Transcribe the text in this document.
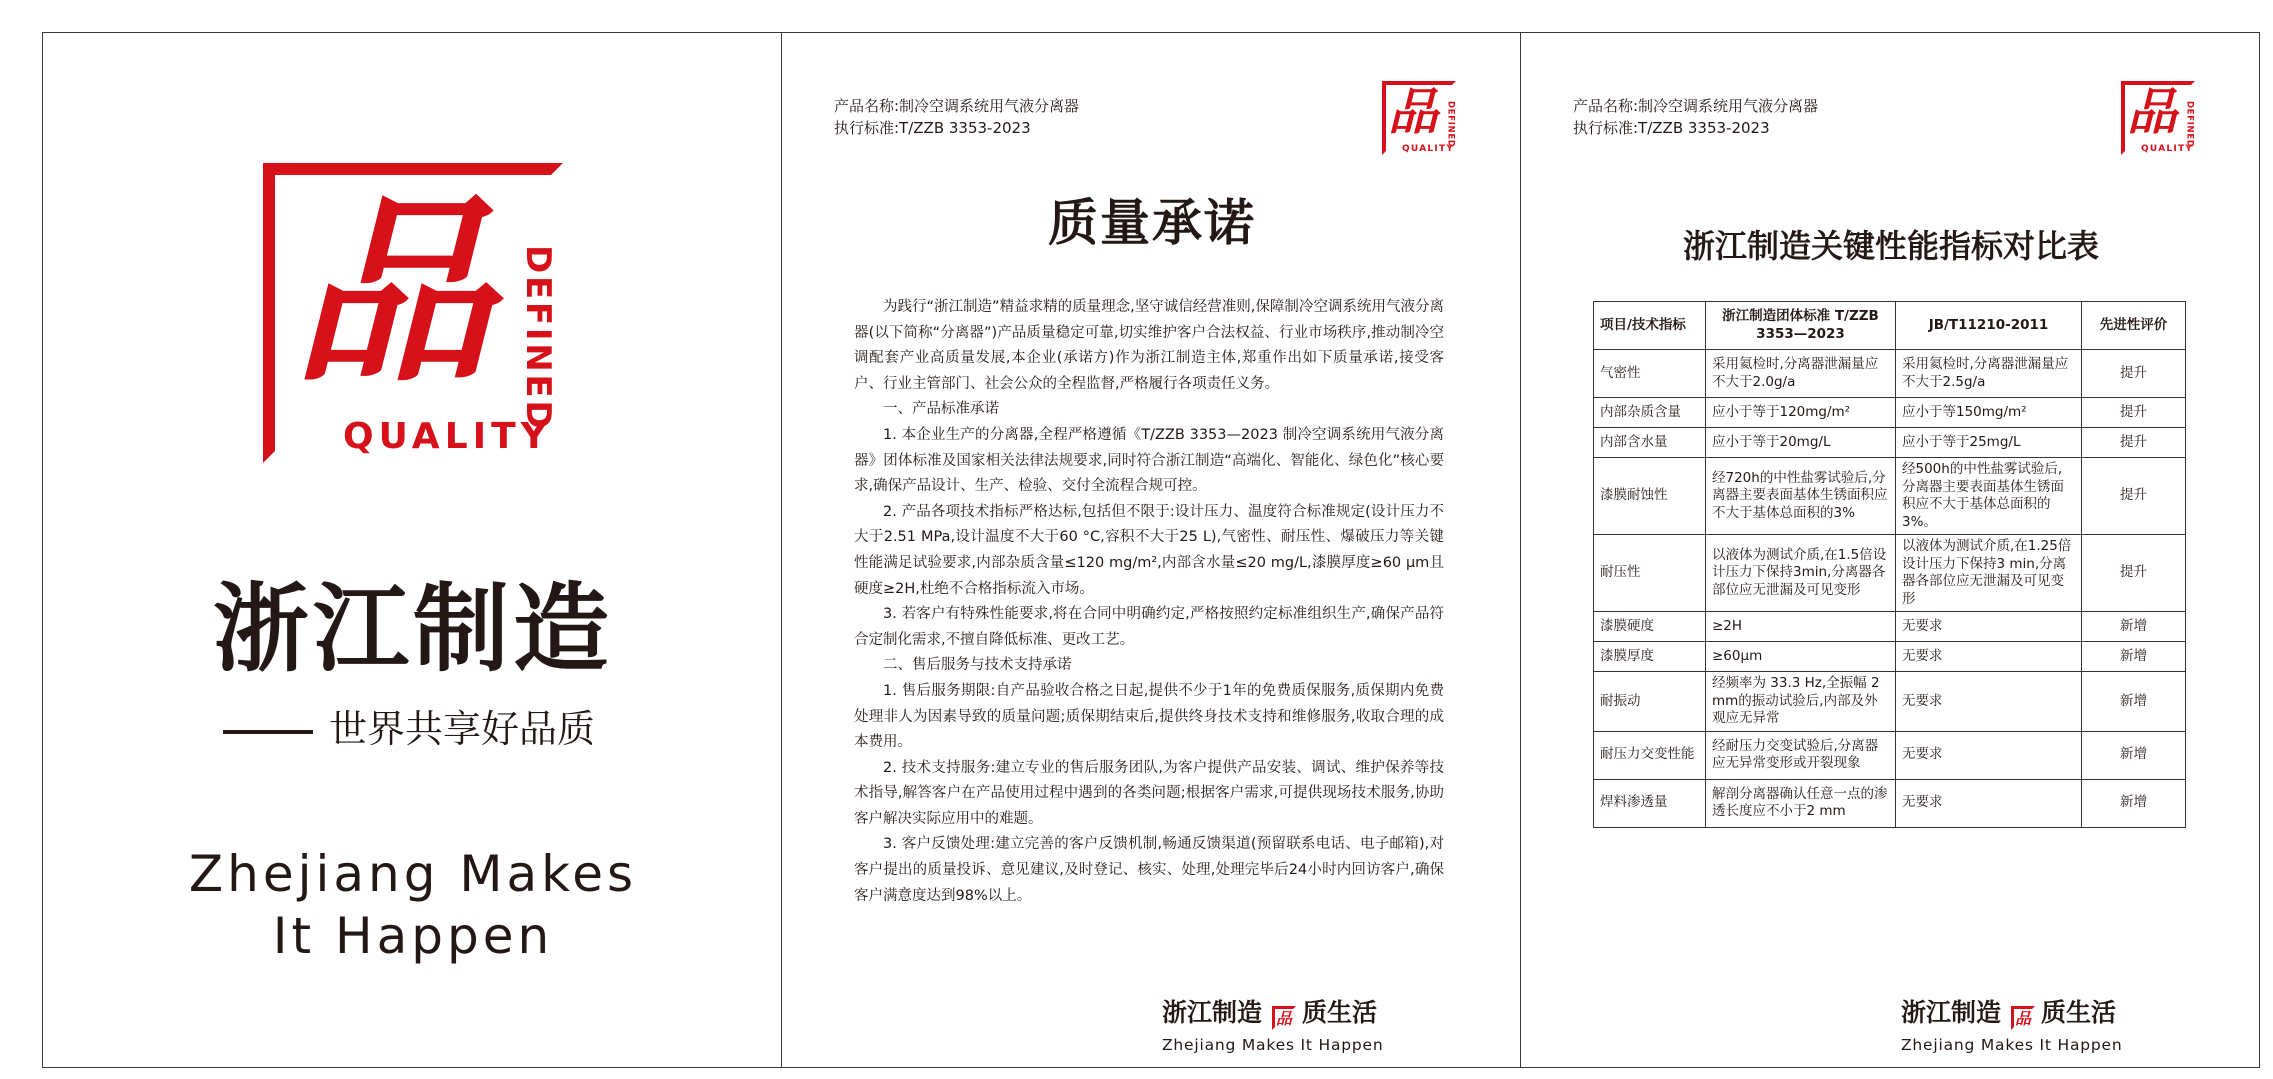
品 DEFINED
QUALITY
浙江制造
世界共享好品质
Zhejiang Makes
It Happen
产品名称:制冷空调系统用气液分离器
执行标准:T/ZZB 3353-2023	品 DEFINED
QUALITY
质量承诺

为践行“浙江制造”精益求精的质量理念,坚守诚信经营准则,保障制冷空调系统用气液分离器(以下简称“分离器”)产品质量稳定可靠,切实维护客户合法权益、行业市场秩序,推动制冷空调配套产业高质量发展,本企业(承诺方)作为浙江制造主体,郑重作出如下质量承诺,接受客户、行业主管部门、社会公众的全程监督,严格履行各项责任义务。

一、产品标准承诺

1. 本企业生产的分离器,全程严格遵循《T/ZZB 3353—2023 制冷空调系统用气液分离器》团体标准及国家相关法律法规要求,同时符合浙江制造“高端化、智能化、绿色化”核心要求,确保产品设计、生产、检验、交付全流程合规可控。

2. 产品各项技术指标严格达标,包括但不限于:设计压力、温度符合标准规定(设计压力不大于2.51 MPa,设计温度不大于60 °C,容积不大于25 L),气密性、耐压性、爆破压力等关键性能满足试验要求,内部杂质含量≤120 mg/m²,内部含水量≤20 mg/L,漆膜厚度≥60 μm且硬度≥2H,杜绝不合格指标流入市场。

3. 若客户有特殊性能要求,将在合同中明确约定,严格按照约定标准组织生产,确保产品符合定制化需求,不擅自降低标准、更改工艺。

二、售后服务与技术支持承诺

1. 售后服务期限:自产品验收合格之日起,提供不少于1年的免费质保服务,质保期内免费处理非人为因素导致的质量问题;质保期结束后,提供终身技术支持和维修服务,收取合理的成本费用。

2. 技术支持服务:建立专业的售后服务团队,为客户提供产品安装、调试、维护保养等技术指导,解答客户在产品使用过程中遇到的各类问题;根据客户需求,可提供现场技术服务,协助客户解决实际应用中的难题。

3. 客户反馈处理:建立完善的客户反馈机制,畅通反馈渠道(预留联系电话、电子邮箱),对客户提出的质量投诉、意见建议,及时登记、核实、处理,处理完毕后24小时内回访客户,确保客户满意度达到98%以上。

浙江制造 品 质生活
Zhejiang Makes It Happen
产品名称:制冷空调系统用气液分离器
执行标准:T/ZZB 3353-2023	品 DEFINED
QUALITY
浙江制造关键性能指标对比表
项目/技术指标	浙江制造团体标准 T/ZZB 3353—2023	JB/T11210-2011	先进性评价
气密性	采用氦检时,分离器泄漏量应不大于2.0g/a	采用氦检时,分离器泄漏量应不大于2.5g/a	提升
内部杂质含量	应小于等于120mg/m²	应小于等150mg/m²	提升
内部含水量	应小于等于20mg/L	应小于等于25mg/L	提升
漆膜耐蚀性	经720h的中性盐雾试验后,分离器主要表面基体生锈面积应不大于基体总面积的3%	经500h的中性盐雾试验后,分离器主要表面基体生锈面积应不大于基体总面积的3%。	提升
耐压性	以液体为测试介质,在1.5倍设计压力下保持3min,分离器各部位应无泄漏及可见变形	以液体为测试介质,在1.25倍设计压力下保持3 min,分离器各部位应无泄漏及可见变形	提升
漆膜硬度	≥2H	无要求	新增
漆膜厚度	≥60μm	无要求	新增
耐振动	经频率为 33.3 Hz,全振幅 2 mm的振动试验后,内部及外观应无异常	无要求	新增
耐压力交变性能	经耐压力交变试验后,分离器应无异常变形或开裂现象	无要求	新增
焊料渗透量	解剖分离器确认任意一点的渗透长度应不小于2 mm	无要求	新增
浙江制造 品 质生活
Zhejiang Makes It Happen
